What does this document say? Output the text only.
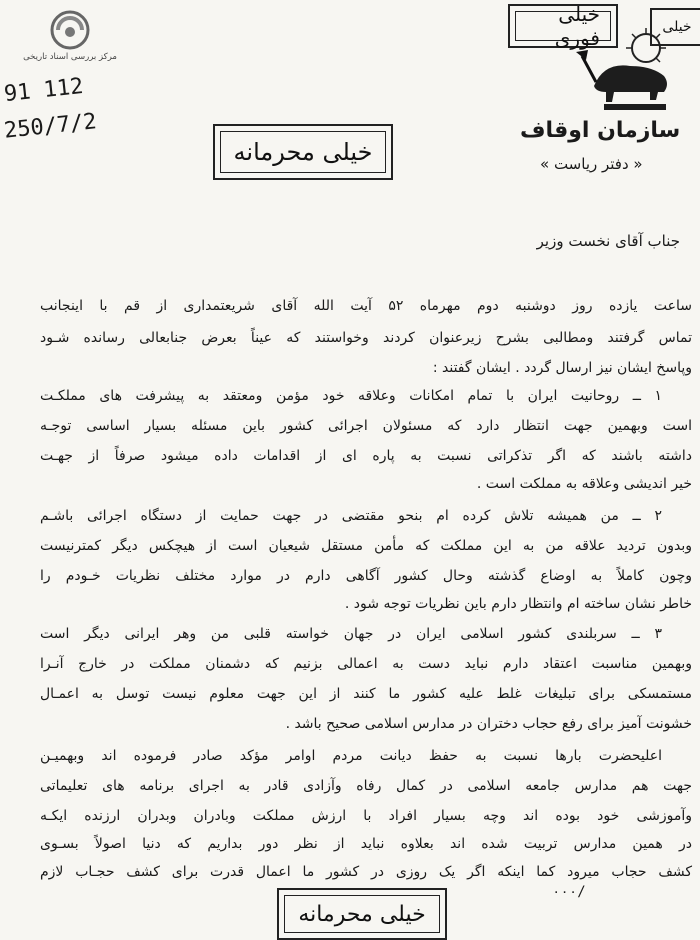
مرکز بررسی اسناد تاریخی
91 112
250/7/2
خیلی فوری	خیلی
سازمان اوقاف
« دفتر ریاست »
خیلی محرمانه
جناب آقای نخست وزیر
ساعت یازده روز دوشنبه دوم مهرماه ۵۲ آیت الله آقای شریعتمداری از قم با اینجانب
تماس گرفتند ومطالبی بشرح زیرعنوان کردند وخواستند که عیناً بعرض جنابعالی رسانده شـود
وپاسخ ایشان نیز ارسال گردد . ایشان گفتند :
۱ ــ روحانیت ایران با تمام امکانات وعلاقه خود مؤمن ومعتقد به پیشرفت های مملکـت
است وبهمین جهت انتظار دارد که مسئولان اجرائی کشور باین مسئله بسیار اساسی توجـه
داشته باشند که اگر تذکراتی نسبت به پاره ای از اقدامات داده میشود صرفاً از جهـت
خیر اندیشی وعلاقه به مملکت است .
۲ ــ من همیشه تلاش کرده ام بنحو مقتضی در جهت حمایت از دستگاه اجرائی باشـم
وبدون تردید علاقه من به این مملکت که مأمن مستقل شیعیان است از هیچکس دیگر کمترنیست
وچون کاملاً به اوضاع گذشته وحال کشور آگاهی دارم در موارد مختلف نظریات خـودم را
خاطر نشان ساخته ام وانتظار دارم باین نظریات توجه شود .
۳ ــ سربلندی کشور اسلامی ایران در جهان خواسته قلبی من وهر ایرانی دیگر است
وبهمین مناسبت اعتقاد دارم نباید دست به اعمالی بزنیم که دشمنان مملکت در خارج آنـرا
مستمسکی برای تبلیغات غلط علیه کشور ما کنند از این جهت معلوم نیست توسل به اعمـال
خشونت آمیز برای رفع حجاب دختران در مدارس اسلامی صحیح باشد .
اعلیحضرت بارها نسبت به حفظ دیانت مردم اوامر مؤکد صادر فرموده اند وبهمیـن
جهت هم مدارس جامعه اسلامی در کمال رفاه وآزادی قادر به اجرای برنامه های تعلیماتی
وآموزشی خود بوده اند وچه بسیار افراد با ارزش مملکت وبادران وبدران ارزنده ایکـه
در همین مدارس تربیت شده اند بعلاوه نباید از نظر دور بداریم که دنیا اصولاً بسـوی
کشف حجاب میرود کما اینکه اگر یک روزی در کشور ما اعمال قدرت برای کشف حجـاب لازم
۰۰۰/
خیلی محرمانه
